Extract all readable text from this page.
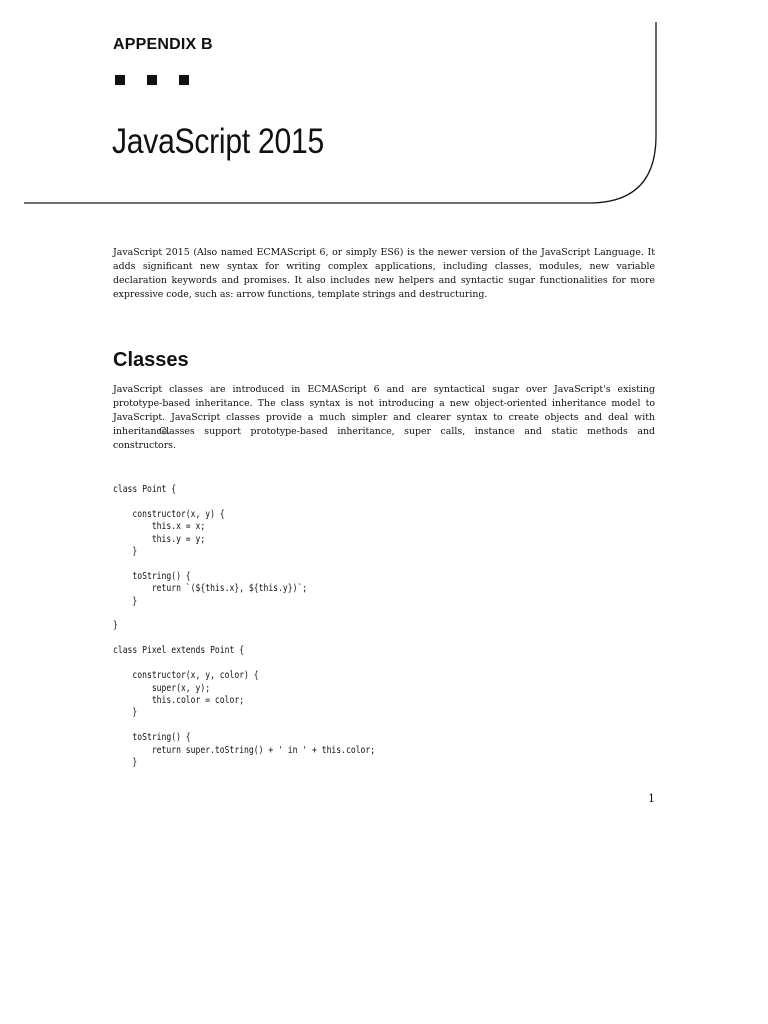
APPENDIX B
JavaScript 2015

JavaScript 2015 (Also named ECMAScript 6, or simply ES6) is the newer version of the JavaScript Language. It adds significant new syntax for writing complex applications, including classes, modules, new variable declaration keywords and promises. It also includes new helpers and syntactic sugar functionalities for more expressive code, such as: arrow functions, template strings and destructuring.

Classes

JavaScript classes are introduced in ECMAScript 6 and are syntactical sugar over JavaScript's existing prototype-based inheritance. The class syntax is not introducing a new object-oriented inheritance model to JavaScript. JavaScript classes provide a much simpler and clearer syntax to create objects and deal with inheritance.

Classes support prototype-based inheritance, super calls, instance and static methods and constructors.

class Point {

constructor(x, y) {
this.x = x;
this.y = y;
}

toString() {
return `(${this.x}, ${this.y})`;
}

}

class Pixel extends Point {

constructor(x, y, color) {
super(x, y);
this.color = color;
}

toString() {
return super.toString() + ' in ' + this.color;
}
1
